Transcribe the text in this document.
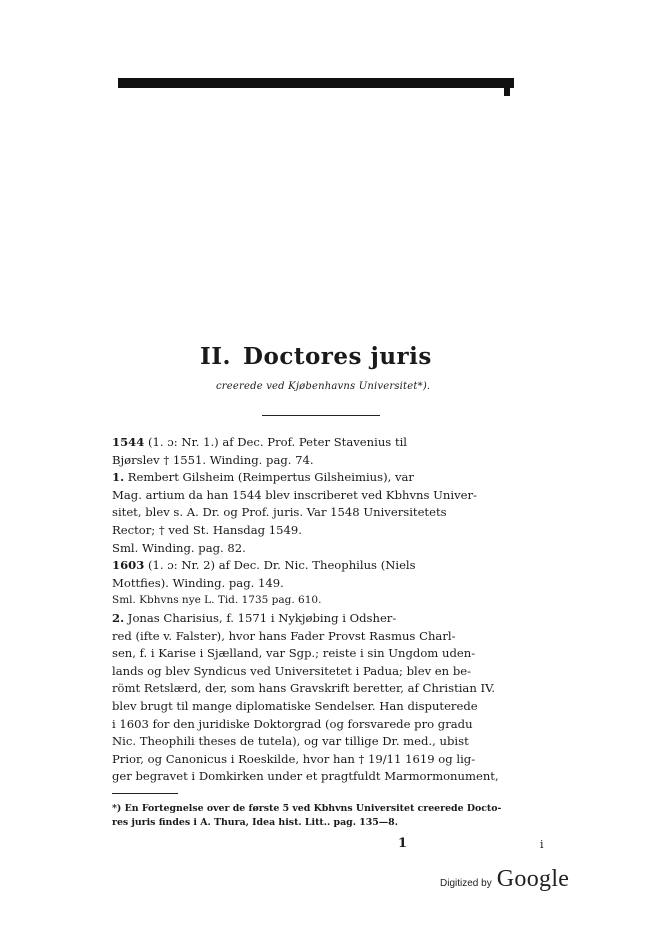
II. Doctores juris
creerede ved Kjøbenhavns Universitet*).
1544 (1. ɔ: Nr. 1.) af Dec. Prof. Peter Stavenius til
Bjørslev † 1551. Winding. pag. 74.
1. Rembert Gilsheim (Reimpertus Gilsheimius), var
Mag. artium da han 1544 blev inscriberet ved Kbhvns Univer-
sitet, blev s. A. Dr. og Prof. juris. Var 1548 Universitetets
Rector; † ved St. Hansdag 1549.
Sml. Winding. pag. 82.
1603 (1. ɔ: Nr. 2) af Dec. Dr. Nic. Theophilus (Niels
Mottfies). Winding. pag. 149.
Sml. Kbhvns nye L. Tid. 1735 pag. 610.
2. Jonas Charisius, f. 1571 i Nykjøbing i Odsher-
red (ifte v. Falster), hvor hans Fader Provst Rasmus Charl-
sen, f. i Karise i Sjælland, var Sgp.; reiste i sin Ungdom uden-
lands og blev Syndicus ved Universitetet i Padua; blev en be-
römt Retslærd, der, som hans Gravskrift beretter, af Christian IV.
blev brugt til mange diplomatiske Sendelser. Han disputerede
i 1603 for den juridiske Doktorgrad (og forsvarede pro gradu
Nic. Theophili theses de tutela), og var tillige Dr. med., ubist
Prior, og Canonicus i Roeskilde, hvor han † 19/11 1619 og lig-
ger begravet i Domkirken under et pragtfuldt Marmormonument,
*) En Fortegnelse over de første 5 ved Kbhvns Universitet creerede Docto-
res juris findes i A. Thura, Idea hist. Litt.. pag. 135—8.
1	i
Digitized by Google
